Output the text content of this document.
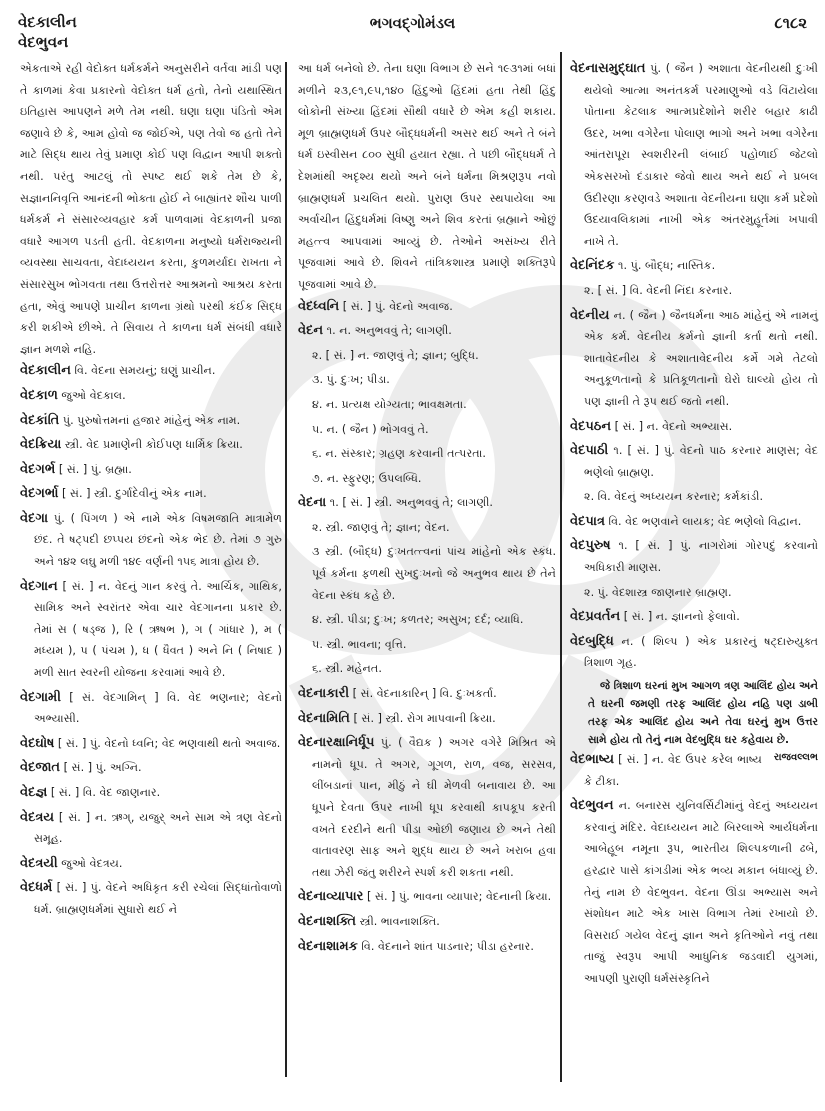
વેદકાલીન
વેદભુવન
ભગવદ્ગોમંડલ	૮૧૮૨

એકતાએ રહી વેદોક્ત ધર્મકર્મને અનુસરીને વર્તવા માંડી પણ તે કાળમાં કેવા પ્રકારનો વેદોક્ત ધર્મ હતો, તેનો યથાસ્થિત ઇતિહાસ આપણને મળે તેમ નથી. ઘણા ઘણા પંડિતો એમ જણાવે છે કે, આમ હોવો જ જોઈએ, પણ તેવો જ હતો તેને માટે સિદ્ધ થાય તેવું પ્રમાણ કોઈ પણ વિદ્વાન આપી શક્તો નથી. પરંતુ આટલું તો સ્પષ્ટ થઈ શકે તેમ છે કે, સજ્ઞાનનિવૃત્તિ આનંદની ભોક્તા હોઈ ને બાહ્યાંતર શૌચ પાળી ધર્મકર્મ ને સંસારવ્યવહાર કર્મ પાળવામાં વેદકાળની પ્રજા વધારે આગળ પડતી હતી. વેદકાળના મનુષ્યો ધર્મરાજ્યની વ્યવસ્થા સાચવતા, વેદાધ્યયન કરતા, કુળમર્યાદા રાખતા ને સંસારસુખ ભોગવતા તથા ઉત્તરોત્તર આશ્રમનો આશ્રય કરતા હતા, એવું આપણે પ્રાચીન કાળના ગ્રંથો પરથી કંઈક સિદ્ધ કરી શકીએ છીએ. તે સિવાય તે કાળના ધર્મ સંબંધી વધારે જ્ઞાન મળશે નહિ.

વેદકાલીન વિ. વેદના સમયનું; ઘણું પ્રાચીન.

વેદકાળ જુઓ વેદકાલ.

વેદકાંતિ પું. પુરુષોત્તમનાં હજાર માંહેનું એક નામ.

વેદક્રિયા સ્ત્રી. વેદ પ્રમાણેની કોઈપણ ધાર્મિક ક્રિયા.

વેદગર્ભ [ સં. ] પું. બ્રહ્મા.

વેદગર્ભા [ સં. ] સ્ત્રી. દુર્ગાદેવીનું એક નામ.

વેદગા પું. ( પિંગળ ) એ નામે એક વિષમજાતિ માત્રામેળ છંદ. તે ષટ્પદી છપ્પય છંદનો એક ભેદ છે. તેમાં ૭ ગુરુ અને ૧૪૨ લઘુ મળી ૧૪૯ વર્ણની ૧૫૬ માત્રા હોય છે.

વેદગાન [ સં. ] ન. વેદનું ગાન કરવું તે. આર્ચિક, ગાથિક, સામિક અને સ્વરાંતર એવા ચાર વેદગાનના પ્રકાર છે. તેમાં સ ( ષડ્જ ), રિ ( ઋષભ ), ગ ( ગાંધાર ), મ ( મધ્યમ ), પ ( પંચમ ), ધ ( ધૈવત ) અને નિ ( નિષાદ ) મળી સાત સ્વરની યોજના કરવામાં આવે છે.

વેદગામી [ સં. વેદગામિન્ ] વિ. વેદ ભણનાર; વેદનો અભ્યાસી.

વેદઘોષ [ સં. ] પું. વેદનો ધ્વનિ; વેદ ભણવાથી થતો અવાજ.

વેદજાત [ સં. ] પું. અગ્નિ.

વેદજ્ઞ [ સં. ] વિ. વેદ જાણનાર.

વેદત્રય [ સં. ] ન. ઋગ્, યજુર્ અને સામ એ ત્રણ વેદનો સમૂહ.

વેદત્રયી જુઓ વેદત્રય.

વેદધર્મ [ સં. ] પું. વેદને અધિકૃત કરી રચેલાં સિદ્ધાંતોવાળો ધર્મ. બ્રાહ્મણધર્મમાં સુધારો થઈ ને

આ ધર્મ બનેલો છે. તેના ઘણા વિભાગ છે સને ૧૯૩૧માં બધાં મળીને ૨૩,૯૧,૯૫,૧૪૦ હિંદુઓ હિંદમાં હતા તેથી હિંદુ લોકોની સંખ્યા હિંદમાં સૌથી વધારે છે એમ કહી શકાય. મૂળ બ્રાહ્મણધર્મ ઉપર બૌદ્ધધર્મની અસર થઈ અને તે બંને ધર્મ ઇસ્વીસન ૮૦૦ સુધી હયાત રહ્યા. તે પછી બૌદ્ધધર્મ તે દેશમાંથી અદૃશ્ય થયો અને બંને ધર્મના મિશ્રણરૂપ નવો બ્રાહ્મણધર્મ પ્રચલિત થયો. પુરાણ ઉપર સ્થપાયેલા આ અર્વાચીન હિંદુધર્મમાં વિષ્ણુ અને શિવ કરતાં બ્રહ્માને ઓછું મહત્ત્વ આપવામાં આવ્યું છે. તેઓને અસંખ્ય રીતે પૂજવામાં આવે છે. શિવને તાંત્રિકશાસ્ત્ર પ્રમાણે શક્તિરૂપે પૂજવામાં આવે છે.

વેદધ્વનિ [ સં. ] પું. વેદનો અવાજ.

વેદન ૧. ન. અનુભવવું તે; લાગણી.

૨. [ સં. ] ન. જાણવું તે; જ્ઞાન; બુદ્ધિ.

૩. પું. દુઃખ; પીડા.

૪. ન. પ્રત્યક્ષ યોગ્યતા; ભાવક્ષમતા.

૫. ન. ( જૈન ) ભોગવવું તે.

૬. ન. સંસ્કાર; ગ્રહણ કરવાની તત્પરતા.

૭. ન. સ્ફુરણ; ઉપલબ્ધિ.

વેદના ૧. [ સં. ] સ્ત્રી. અનુભવવું તે; લાગણી.

૨. સ્ત્રી. જાણવું તે; જ્ઞાન; વેદન.

૩ સ્ત્રી. (બૌદ્ધ) દુઃખતત્ત્વનાં પાંચ માંહેનો એક સ્કંધ. પૂર્વ કર્મના ફળથી સુખદુઃખનો જે અનુભવ થાય છે તેને વેદના સ્કંધ કહે છે.

૪. સ્ત્રી. પીડા; દુઃખ; કળતર; અસુખ; દર્દ; વ્યાધિ.

૫. સ્ત્રી. ભાવના; વૃત્તિ.

૬. સ્ત્રી. મહેનત.

વેદનાકારી [ સં. વેદનાકારિન્ ] વિ. દુઃખકર્તા.

વેદનામિતિ [ સં. ] સ્ત્રી. રોગ માપવાની ક્રિયા.

વેદનારક્ષાનિર્ધૂપ પું. ( વૈદ્યક ) અગર વગેરે મિશ્રિત એ નામનો ધૂપ. તે અગર, ગૂગળ, રાળ, વજ, સરસવ, લીંબડાનાં પાન, મીઠું ને ઘી મેળવી બનાવાય છે. આ ધૂપને દેવતા ઉપર નાખી ધૂપ કરવાથી કાપકૂપ કરતી વખતે દરદીને થતી પીડા ઓછી જણાય છે અને તેથી વાતાવરણ સાફ અને શુદ્ધ થાય છે અને ખરાબ હવા તથા ઝેરી જંતુ શરીરને સ્પર્શ કરી શકતા નથી.

વેદનાવ્યાપાર [ સં. ] પું. ભાવના વ્યાપાર; વેદનાની ક્રિયા.

વેદનાશક્તિ સ્ત્રી. ભાવનાશક્તિ.

વેદનાશામક વિ. વેદનાને શાંત પાડનાર; પીડા હરનાર.

વેદનાસમુદ્ઘાત પું. ( જૈન ) અશાતા વેદનીયથી દુઃખી થયેલો આત્મા અનંતકર્મ પરમાણુઓ વડે વિંટાયેલા પોતાના કેટલાક આત્મપ્રદેશોને શરીર બહાર કાઢી ઉદર, ખભા વગેરેના પોલાણ ભાગો અને ખભા વગેરેના આંતરાપૂરા સ્વશરીરની લંબાઈ પહોળાઈ જેટલો એકસરખો દંડાકાર જેવો થાય અને થઈ ને પ્રબલ ઉદીરણા કરણવડે અશાતા વેદનીયના ઘણા કર્મ પ્રદેશો ઉદયાવલિકામાં નાખી એક અંતરમુહૂર્તમાં ખપાવી નાખે તે.

વેદનિંદક ૧. પું. બૌદ્ધ; નાસ્તિક.

૨. [ સં. ] વિ. વેદની નિંદા કરનાર.

વેદનીય ન. ( જૈન ) જૈનધર્મના આઠ માંહેનું એ નામનું એક કર્મ. વેદનીય કર્મનો જ્ઞાની કર્તા થતો નથી. શાતાવેદનીય કે અશાતાવેદનીય કર્મે ગમે તેટલો અનુકૂળતાનો કે પ્રતિકૂળતાનો ઘેરો ઘાલ્યો હોય તો પણ જ્ઞાની તે રૂપ થઈ જતો નથી.

વેદપઠન [ સં. ] ન. વેદનો અભ્યાસ.

વેદપાઠી ૧. [ સં. ] પું. વેદનો પાઠ કરનાર માણસ; વેદ ભણેલો બ્રાહ્મણ.

૨. વિ. વેદનું અધ્યયન કરનાર; કર્મકાંડી.

વેદપાત્ર વિ. વેદ ભણવાને લાયક; વેદ ભણેલો વિદ્વાન.

વેદપુરુષ ૧. [ સં. ] પું. નાગરોમાં ગોરપદું કરવાનો અધિકારી માણસ.

૨. પું. વેદશાસ્ત્ર જાણનાર બ્રાહ્મણ.

વેદપ્રવર્તન [ સં. ] ન. જ્ઞાનનો ફેલાવો.

વેદબુદ્ધિ ન. ( શિલ્પ ) એક પ્રકારનું ષટ્દારુયુક્ત ત્રિશાળ ગૃહ.

જે ત્રિશાળ ઘરનાં મુખ આગળ ત્રણ આલિંદ હોય અને તે ઘરની જમણી તરફ આલિંદ હોય નહિ પણ ડાબી તરફ એક આલિંદ હોય અને તેવા ઘરનું મુખ ઉત્તર સામે હોય તો તેનું નામ વેદબુદ્ધિ ઘર કહેવાય છે.
રાજવલ્લભ

વેદભાષ્ય [ સં. ] ન. વેદ ઉપર કરેલ ભાષ્ય કે ટીકા.

વેદભુવન ન. બનારસ યુનિવર્સિટીમાંનું વેદનું અધ્યયન કરવાનું મંદિર. વેદાધ્યયન માટે બિરલાએ આર્યધર્મના આબેહૂબ નમૂના રૂપ, ભારતીય શિલ્પકળાની ઢબે, હરદ્વાર પાસે કાંગડીમાં એક ભવ્ય મકાન બંધાવ્યું છે. તેનું નામ છે વેદભુવન. વેદના ઊંડા અભ્યાસ અને સંશોધન માટે એક ખાસ વિભાગ તેમાં રખાયો છે. વિસરાઈ ગયેલ વેદનું જ્ઞાન અને કૃતિઓને નવું તથા તાજું સ્વરૂપ આપી આધુનિક જડવાદી યુગમાં, આપણી પુરાણી ધર્મસંસ્કૃતિને
